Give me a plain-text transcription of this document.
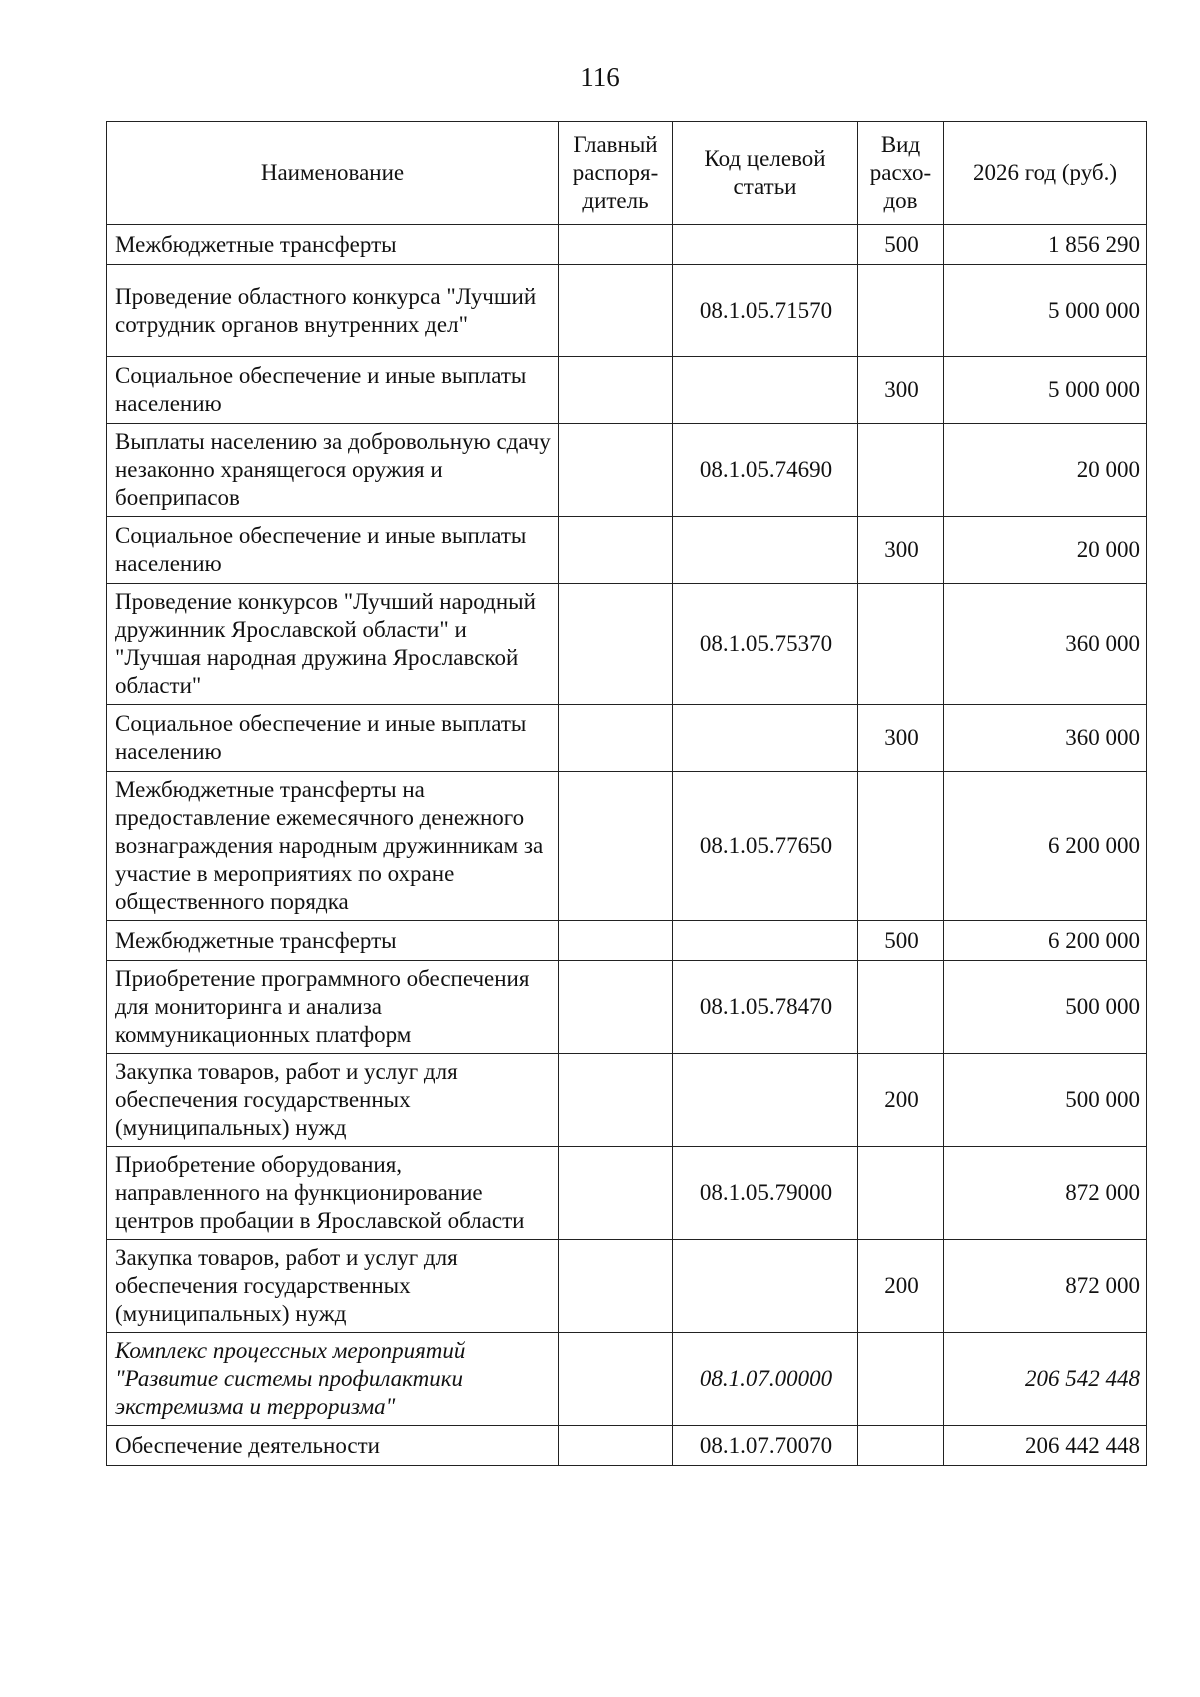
116
Наименование	Главный распоря-дитель	Код целевой статьи	Вид расхо-дов	2026 год (руб.)
Межбюджетные трансферты			500	1 856 290
Проведение областного конкурса "Лучший сотрудник органов внутренних дел"		08.1.05.71570		5 000 000
Социальное обеспечение и иные выплаты населению			300	5 000 000
Выплаты населению за добровольную сдачу незаконно хранящегося оружия и боеприпасов		08.1.05.74690		20 000
Социальное обеспечение и иные выплаты населению			300	20 000
Проведение конкурсов "Лучший народный дружинник Ярославской области" и "Лучшая народная дружина Ярославской области"		08.1.05.75370		360 000
Социальное обеспечение и иные выплаты населению			300	360 000
Межбюджетные трансферты на предоставление ежемесячного денежного вознаграждения народным дружинникам за участие в мероприятиях по охране общественного порядка		08.1.05.77650		6 200 000
Межбюджетные трансферты			500	6 200 000
Приобретение программного обеспечения для мониторинга и анализа коммуникационных платформ		08.1.05.78470		500 000
Закупка товаров, работ и услуг для обеспечения государственных (муниципальных) нужд			200	500 000
Приобретение оборудования, направленного на функционирование центров пробации в Ярославской области		08.1.05.79000		872 000
Закупка товаров, работ и услуг для обеспечения государственных (муниципальных) нужд			200	872 000
Комплекс процессных мероприятий "Развитие системы профилактики экстремизма и терроризма"		08.1.07.00000		206 542 448
Обеспечение деятельности		08.1.07.70070		206 442 448
